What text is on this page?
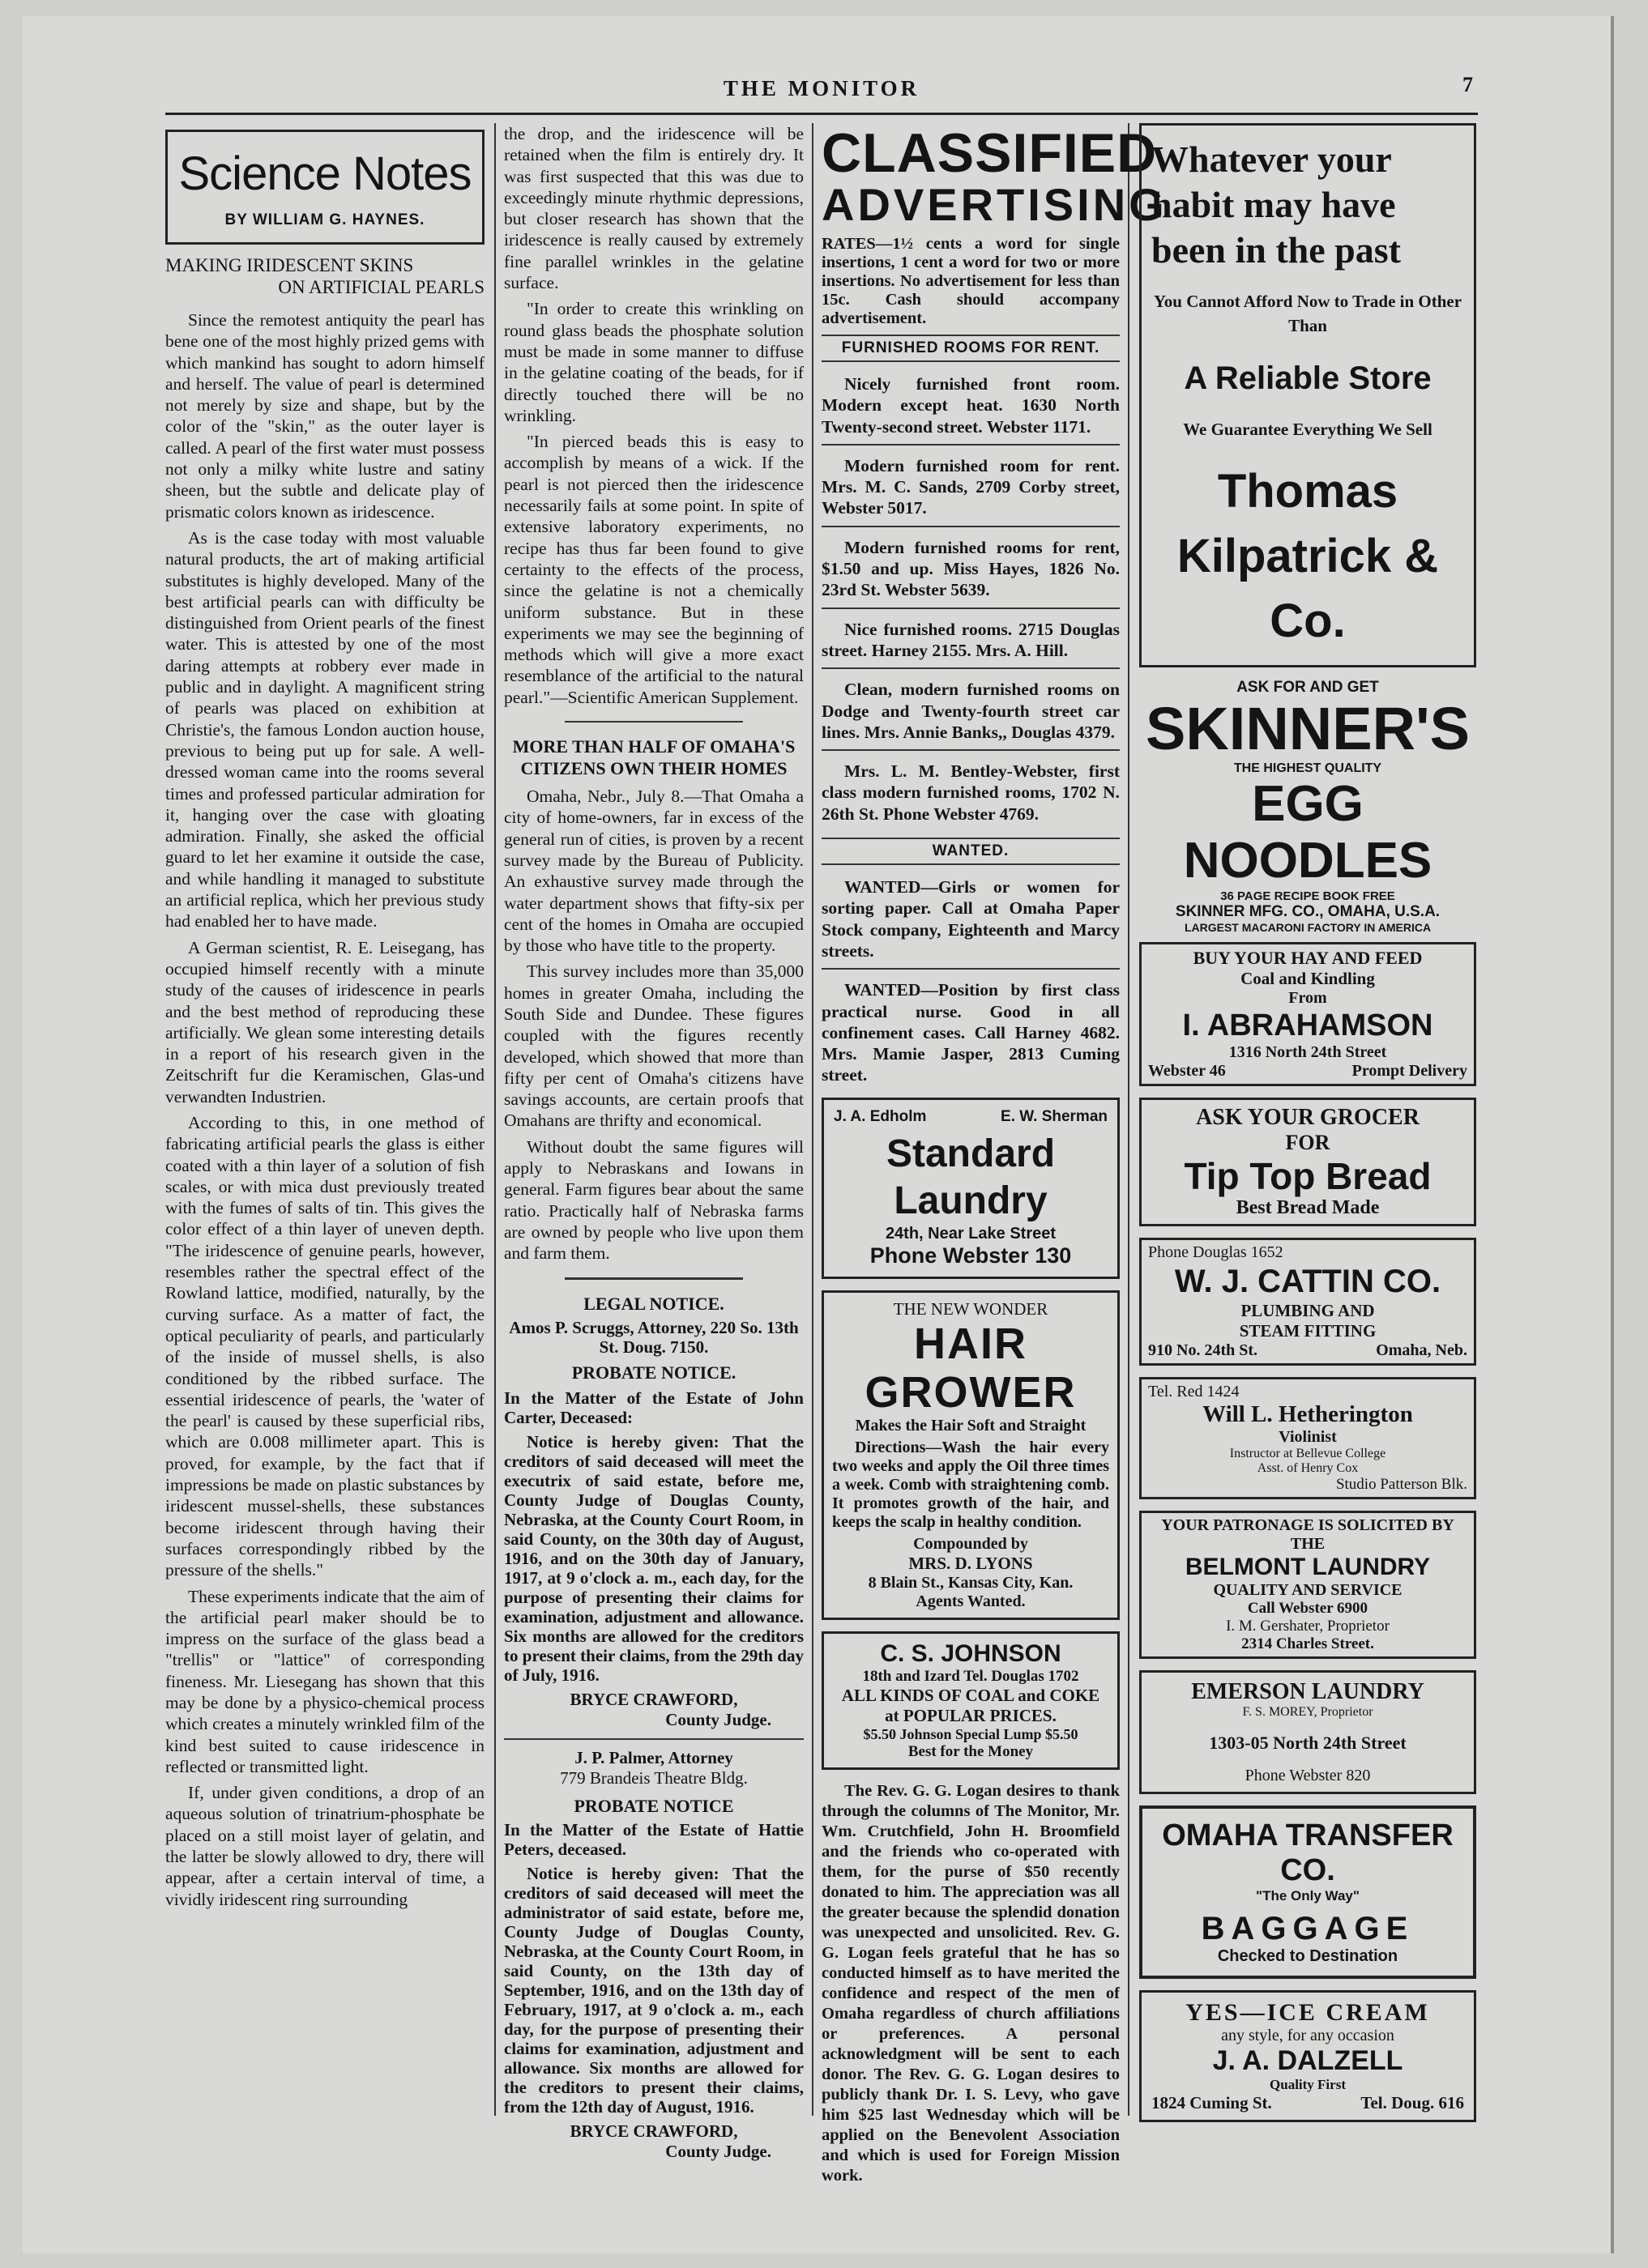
THE MONITOR	7
Science Notes
BY WILLIAM G. HAYNES.
MAKING IRIDESCENT SKINS
ON ARTIFICIAL PEARLS

Since the remotest antiquity the pearl has bene one of the most highly prized gems with which mankind has sought to adorn himself and herself. The value of pearl is determined not merely by size and shape, but by the color of the "skin," as the outer layer is called. A pearl of the first water must possess not only a milky white lustre and satiny sheen, but the subtle and delicate play of prismatic colors known as iridescence.

As is the case today with most valuable natural products, the art of making artificial substitutes is highly developed. Many of the best artificial pearls can with difficulty be distinguished from Orient pearls of the finest water. This is attested by one of the most daring attempts at robbery ever made in public and in daylight. A magnificent string of pearls was placed on exhibition at Christie's, the famous London auction house, previous to being put up for sale. A well-dressed woman came into the rooms several times and professed particular admiration for it, hanging over the case with gloating admiration. Finally, she asked the official guard to let her examine it outside the case, and while handling it managed to substitute an artificial replica, which her previous study had enabled her to have made.

A German scientist, R. E. Leisegang, has occupied himself recently with a minute study of the causes of iridescence in pearls and the best method of reproducing these artificially. We glean some interesting details in a report of his research given in the Zeitschrift fur die Keramischen, Glas-und verwandten Industrien.

According to this, in one method of fabricating artificial pearls the glass is either coated with a thin layer of a solution of fish scales, or with mica dust previously treated with the fumes of salts of tin. This gives the color effect of a thin layer of uneven depth. "The iridescence of genuine pearls, however, resembles rather the spectral effect of the Rowland lattice, modified, naturally, by the curving surface. As a matter of fact, the optical peculiarity of pearls, and particularly of the inside of mussel shells, is also conditioned by the ribbed surface. The essential iridescence of pearls, the 'water of the pearl' is caused by these superficial ribs, which are 0.008 millimeter apart. This is proved, for example, by the fact that if impressions be made on plastic substances by iridescent mussel-shells, these substances become iridescent through having their surfaces correspondingly ribbed by the pressure of the shells."

These experiments indicate that the aim of the artificial pearl maker should be to impress on the surface of the glass bead a "trellis" or "lattice" of corresponding fineness. Mr. Liesegang has shown that this may be done by a physico-chemical process which creates a minutely wrinkled film of the kind best suited to cause iridescence in reflected or transmitted light.

If, under given conditions, a drop of an aqueous solution of trinatrium-phosphate be placed on a still moist layer of gelatin, and the latter be slowly allowed to dry, there will appear, after a certain interval of time, a vividly iridescent ring surrounding

the drop, and the iridescence will be retained when the film is entirely dry. It was first suspected that this was due to exceedingly minute rhythmic depressions, but closer research has shown that the iridescence is really caused by extremely fine parallel wrinkles in the gelatine surface.

"In order to create this wrinkling on round glass beads the phosphate solution must be made in some manner to diffuse in the gelatine coating of the beads, for if directly touched there will be no wrinkling.

"In pierced beads this is easy to accomplish by means of a wick. If the pearl is not pierced then the iridescence necessarily fails at some point. In spite of extensive laboratory experiments, no recipe has thus far been found to give certainty to the effects of the process, since the gelatine is not a chemically uniform substance. But in these experiments we may see the beginning of methods which will give a more exact resemblance of the artificial to the natural pearl."—Scientific American Supplement.

MORE THAN HALF OF OMAHA'S CITIZENS OWN THEIR HOMES

Omaha, Nebr., July 8.—That Omaha a city of home-owners, far in excess of the general run of cities, is proven by a recent survey made by the Bureau of Publicity. An exhaustive survey made through the water department shows that fifty-six per cent of the homes in Omaha are occupied by those who have title to the property.

This survey includes more than 35,000 homes in greater Omaha, including the South Side and Dundee. These figures coupled with the figures recently developed, which showed that more than fifty per cent of Omaha's citizens have savings accounts, are certain proofs that Omahans are thrifty and economical.

Without doubt the same figures will apply to Nebraskans and Iowans in general. Farm figures bear about the same ratio. Practically half of Nebraska farms are owned by people who live upon them and farm them.

LEGAL NOTICE.

Amos P. Scruggs, Attorney, 220 So. 13th St. Doug. 7150.

PROBATE NOTICE.

In the Matter of the Estate of John Carter, Deceased:

Notice is hereby given: That the creditors of said deceased will meet the executrix of said estate, before me, County Judge of Douglas County, Nebraska, at the County Court Room, in said County, on the 30th day of August, 1916, and on the 30th day of January, 1917, at 9 o'clock a. m., each day, for the purpose of presenting their claims for examination, adjustment and allowance. Six months are allowed for the creditors to present their claims, from the 29th day of July, 1916.

BRYCE CRAWFORD,
County Judge.
J. P. Palmer, Attorney
779 Brandeis Theatre Bldg.
PROBATE NOTICE

In the Matter of the Estate of Hattie Peters, deceased.

Notice is hereby given: That the creditors of said deceased will meet the administrator of said estate, before me, County Judge of Douglas County, Nebraska, at the County Court Room, in said County, on the 13th day of September, 1916, and on the 13th day of February, 1917, at 9 o'clock a. m., each day, for the purpose of presenting their claims for examination, adjustment and allowance. Six months are allowed for the creditors to present their claims, from the 12th day of August, 1916.

BRYCE CRAWFORD,
County Judge.
CLASSIFIED
ADVERTISING

RATES—1½ cents a word for single insertions, 1 cent a word for two or more insertions. No advertisement for less than 15c. Cash should accompany advertisement.

FURNISHED ROOMS FOR RENT.

Nicely furnished front room. Modern except heat. 1630 North Twenty-second street. Webster 1171.

Modern furnished room for rent. Mrs. M. C. Sands, 2709 Corby street, Webster 5017.

Modern furnished rooms for rent, $1.50 and up. Miss Hayes, 1826 No. 23rd St. Webster 5639.

Nice furnished rooms. 2715 Douglas street. Harney 2155. Mrs. A. Hill.

Clean, modern furnished rooms on Dodge and Twenty-fourth street car lines. Mrs. Annie Banks,, Douglas 4379.

Mrs. L. M. Bentley-Webster, first class modern furnished rooms, 1702 N. 26th St. Phone Webster 4769.

WANTED.

WANTED—Girls or women for sorting paper. Call at Omaha Paper Stock company, Eighteenth and Marcy streets.

WANTED—Position by first class practical nurse. Good in all confinement cases. Call Harney 4682. Mrs. Mamie Jasper, 2813 Cuming street.

J. A. Edholm	E. W. Sherman
Standard Laundry
24th, Near Lake Street
Phone Webster 130
THE NEW WONDER
HAIR GROWER
Makes the Hair Soft and Straight

Directions—Wash the hair every two weeks and apply the Oil three times a week. Comb with straightening comb. It promotes growth of the hair, and keeps the scalp in healthy condition.

Compounded by
MRS. D. LYONS
8 Blain St., Kansas City, Kan.
Agents Wanted.
C. S. JOHNSON
18th and Izard Tel. Douglas 1702
ALL KINDS OF COAL and COKE
at POPULAR PRICES.
$5.50 Johnson Special Lump $5.50
Best for the Money

The Rev. G. G. Logan desires to thank through the columns of The Monitor, Mr. Wm. Crutchfield, John H. Broomfield and the friends who co-operated with them, for the purse of $50 recently donated to him. The appreciation was all the greater because the splendid donation was unexpected and unsolicited. Rev. G. G. Logan feels grateful that he has so conducted himself as to have merited the confidence and respect of the men of Omaha regardless of church affiliations or preferences. A personal acknowledgment will be sent to each donor. The Rev. G. G. Logan desires to publicly thank Dr. I. S. Levy, who gave him $25 last Wednesday which will be applied on the Benevolent Association and which is used for Foreign Mission work.

Whatever your habit may have been in the past
You Cannot Afford Now to Trade in Other Than
A Reliable Store
We Guarantee Everything We Sell
Thomas
Kilpatrick & Co.
ASK FOR AND GET
SKINNER'S
THE HIGHEST QUALITY
EGG NOODLES
36 PAGE RECIPE BOOK FREE
SKINNER MFG. CO., OMAHA, U.S.A.
LARGEST MACARONI FACTORY IN AMERICA
BUY YOUR HAY AND FEED
Coal and Kindling
From
I. ABRAHAMSON
1316 North 24th Street
Webster 46	Prompt Delivery
ASK YOUR GROCER
FOR
Tip Top Bread
Best Bread Made
Phone Douglas 1652
W. J. CATTIN CO.
PLUMBING AND
STEAM FITTING
910 No. 24th St.	Omaha, Neb.
Tel. Red 1424
Will L. Hetherington
Violinist
Instructor at Bellevue College
Asst. of Henry Cox
Studio Patterson Blk.
YOUR PATRONAGE IS SOLICITED BY THE
BELMONT LAUNDRY
QUALITY AND SERVICE
Call Webster 6900
I. M. Gershater, Proprietor
2314 Charles Street.
EMERSON LAUNDRY
F. S. MOREY, Proprietor
1303-05 North 24th Street
Phone Webster 820
OMAHA TRANSFER CO.
"The Only Way"
BAGGAGE
Checked to Destination
YES—ICE CREAM
any style, for any occasion
J. A. DALZELL
Quality First
1824 Cuming St.	Tel. Doug. 616
